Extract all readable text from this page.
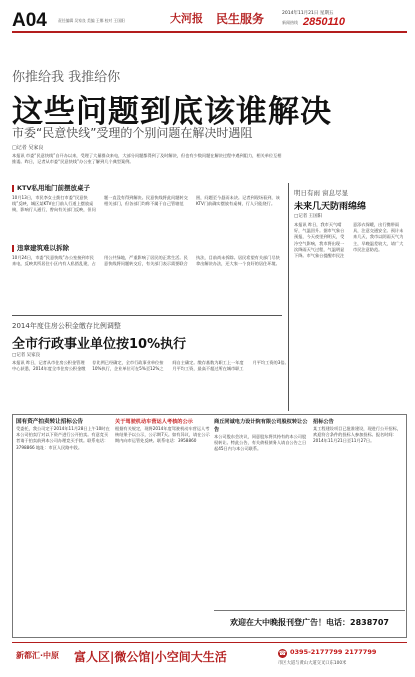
A04	责任编辑 吴家良 美编 王娜 校对 王国阳	大河报 民生服务	2014年11月21日 星期五
新闻热线 2850110
你推给我 我推给你
这些问题到底该谁解决
市委“民意快线”受理的个别问题在解决时遇阻
□记者 吴家良
本报讯 市委“民意快线”自开办以来，受理了大量群众来电，大部分问题都得到了及时解决，但也有少数问题在解决过程中遇到阻力，相关单位互相推诿。昨日，记者从市委“民意快线”办公室了解到几个典型案例。
KTV私用地门前摆放桌子
10月13日，市民李女士拨打市委“民意快线”反映，城区某KTV在门前人行道上摆放桌椅，影响行人通行，曾向有关部门反映，但问题一直没有得到解决。民意快线将此问题转交相关部门，但各部门均称不属于自己管辖范围，问题至今悬而未决。记者到现场看到，该KTV门前确实摆放有桌椅，行人只能绕行。
违章建筑难以拆除
10月24日，市委“民意快线”办公室接到市民来电，反映其所居住小区内有人私搭乱建，占用公共绿地，严重影响了居民的正常生活。民意快线将问题转交后，有关部门表示需要联合执法，目前尚未拆除。居民希望有关部门尽快拿出解决办法，还大家一个良好的居住环境。
2014年度住房公积金缴存比例调整
全市行政事业单位按10%执行
□记者 吴家良
本报讯 昨日，记者从市住房公积金管理中心获悉，2014年度全市住房公积金缴存比例已经确定，全市行政事业单位按10%执行，企业单位可在5%至12%之间自主确定。缴存基数为职工上一年度月平均工资，最高不超过所在城市职工月平均工资的3倍。
明日有雨 窗息尽显
未来几天防雨绵绵
□记者 王国阳
本报讯 昨日，我市天气晴好，气温回升。据市气象台预报，今天夜里到明天，受冷空气影响，我市将出现一次降雨天气过程，气温明显下降。市气象台提醒市民注意添衣保暖，出行携带雨具，注意交通安全。预计未来几天，我市以阴雨天气为主，早晚温差较大，请广大市民注意防范。
国有资产拍卖转让招标公告
受委托，我公司定于2014年11月28日上午10时在本公司拍卖厅对以下资产进行公开拍卖。有意竞买者请于拍卖前到本公司办理竞买手续。联系电话：3798866 地址：市区人民路中段。
关于驾驶机动车营运人考核的公示
根据有关规定，现将2014年度驾驶机动车营运人考核结果予以公示，公示期7天。如有异议，请在公示期内向市运管处反映。联系电话：3958860
商丘同诚电力设计院有限公司股权转让公告
本公司股东会决议，同意股东将其持有的本公司股权转让。特此公告，有关债权债务人请自公告之日起45日内与本公司联系。
招标公告
某工程建设项目已批准建设，现进行公开招标，欢迎符合条件的投标人参加投标。报名时间：2014年11月21日至11月27日。
欢迎在大中晚报刊登广告！电话：2838707
新都汇·中原 富人区|微公馆|小空间大生活	☎ 0395-2177799 2177799
市区大道与黄山大道交叉口东100米
